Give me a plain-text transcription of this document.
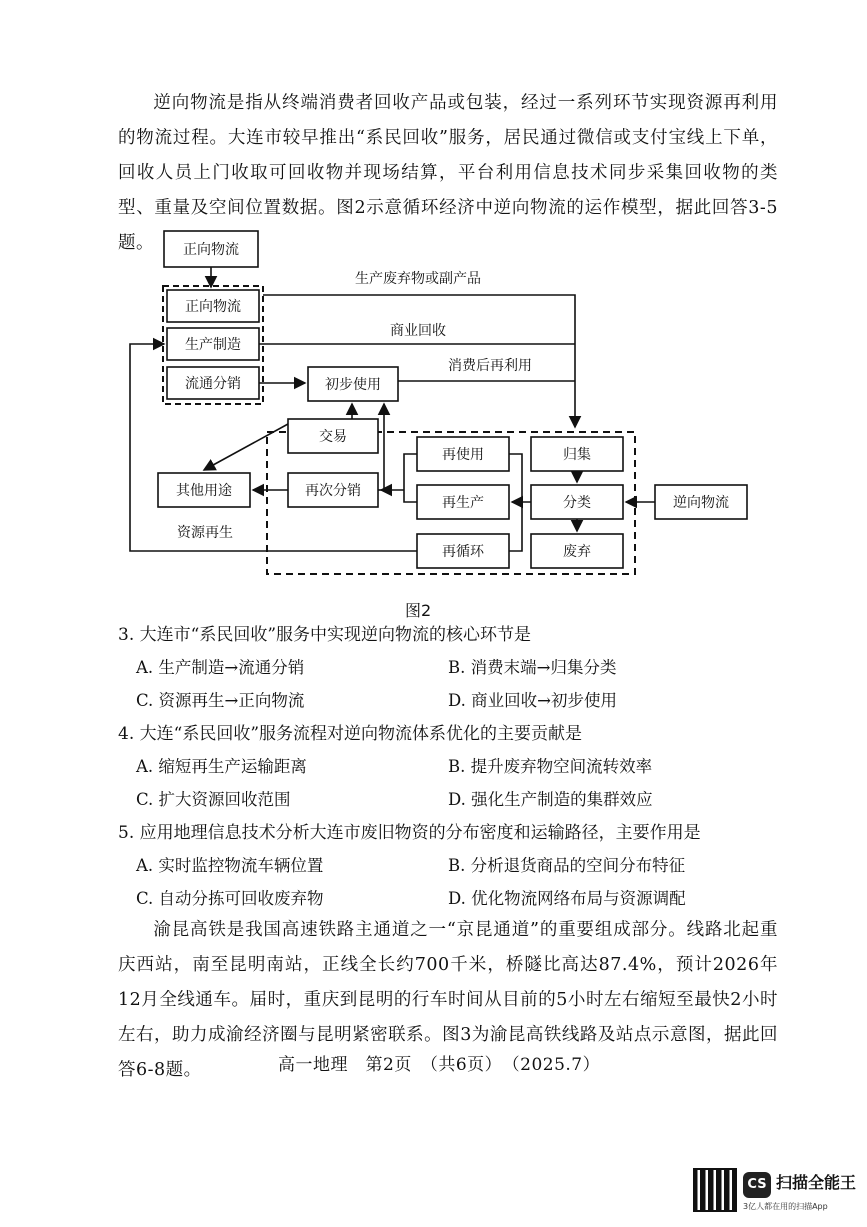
逆向物流是指从终端消费者回收产品或包装，经过一系列环节实现资源再利用的物流过程。大连市较早推出“系民回收”服务，居民通过微信或支付宝线上下单，回收人员上门收取可回收物并现场结算，平台利用信息技术同步采集回收物的类型、重量及空间位置数据。图2示意循环经济中逆向物流的运作模型，据此回答3-5题。	正向物流
正向物流
生产制造
流通分销	初步使用
交易
再次分销
其他用途
再使用
再生产
再循环
归集
分类
废弃
逆向物流
生产废弃物或副产品
商业回收
消费后再利用
资源再生
图2
3. 大连市“系民回收”服务中实现逆向物流的核心环节是
A. 生产制造→流通分销	B. 消费末端→归集分类
C. 资源再生→正向物流	D. 商业回收→初步使用
4. 大连“系民回收”服务流程对逆向物流体系优化的主要贡献是
A. 缩短再生产运输距离	B. 提升废弃物空间流转效率
C. 扩大资源回收范围	D. 强化生产制造的集群效应
5. 应用地理信息技术分析大连市废旧物资的分布密度和运输路径，主要作用是
A. 实时监控物流车辆位置	B. 分析退货商品的空间分布特征
C. 自动分拣可回收废弃物	D. 优化物流网络布局与资源调配
渝昆高铁是我国高速铁路主通道之一“京昆通道”的重要组成部分。线路北起重庆西站，南至昆明南站，正线全长约700千米，桥隧比高达87.4%，预计2026年12月全线通车。届时，重庆到昆明的行车时间从目前的5小时左右缩短至最快2小时左右，助力成渝经济圈与昆明紧密联系。图3为渝昆高铁线路及站点示意图，据此回答6-8题。	高一地理　第2页　（共6页）　（2025.7）
CS 扫描全能王
3亿人都在用的扫描App
